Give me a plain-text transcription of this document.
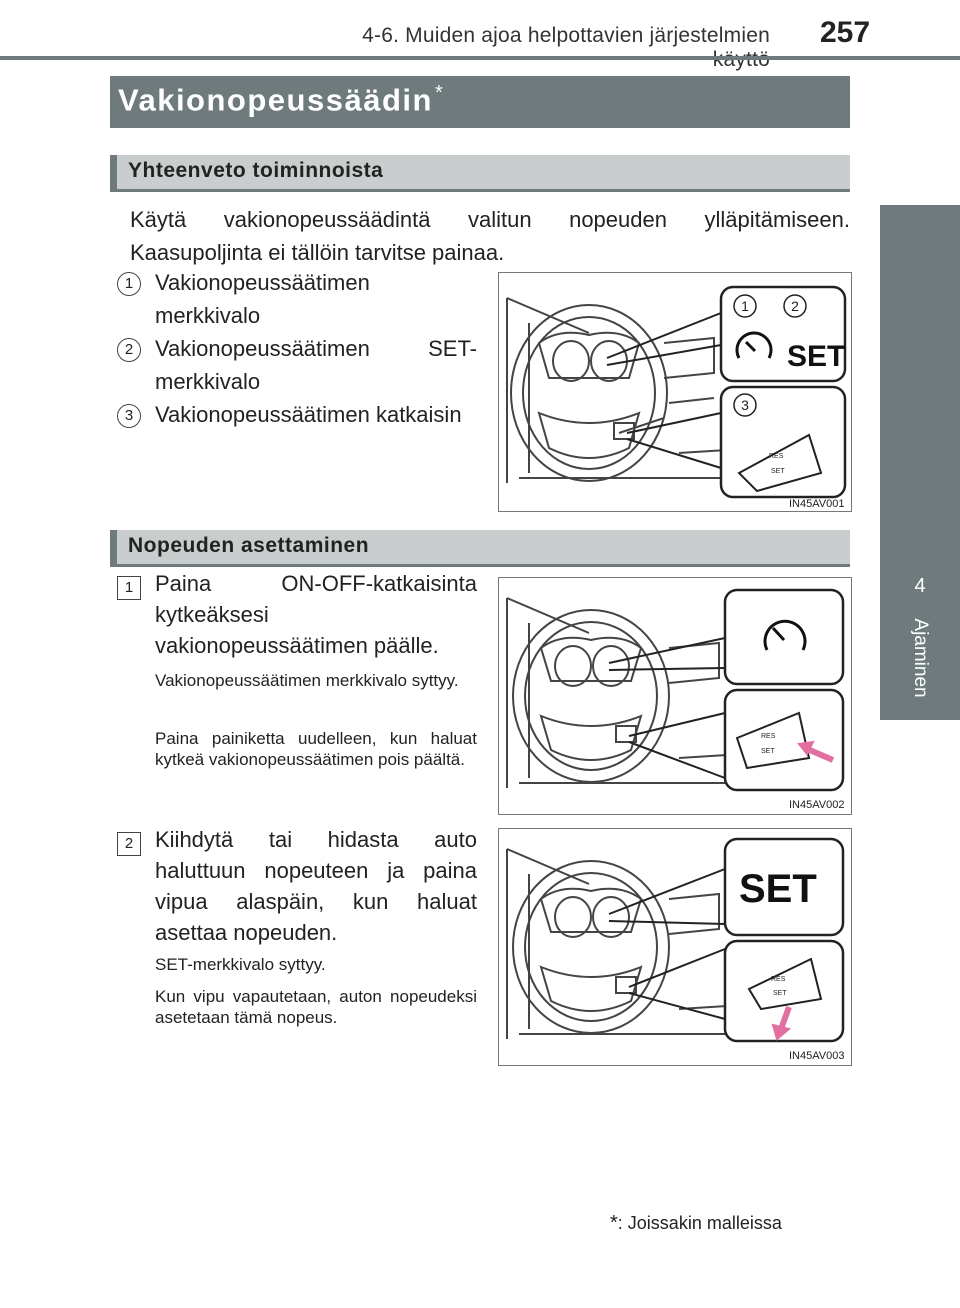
4-6. Muiden ajoa helpottavien järjestelmien 257
4
Ajaminen
Vakionopeussäädin *
Yhteenveto toiminnoista
Käytä vakionopeussäädintä valitun nopeuden ylläpitämiseen. Kaasupoljinta ei tällöin tarvitse painaa.
1 Vakionopeussäätimen merkkivalo
2 Vakionopeussäätimen SET-merkkivalo
3 Vakionopeussäätimen katkaisin
SET
1	2
3
RES
SET
IN45AV001
Nopeuden asettaminen
1 Paina ON-OFF-katkaisinta kytkeäksesi vakionopeussäätimen päälle.
Vakionopeussäätimen merkkivalo syttyy.
Paina painiketta uudelleen, kun haluat kytkeä vakionopeussäätimen pois päältä.
RES
SET
IN45AV002
2 Kiihdytä tai hidasta auto haluttuun nopeuteen ja paina vipua alaspäin, kun haluat asettaa nopeuden.
SET-merkkivalo syttyy.
Kun vipu vapautetaan, auton nopeudeksi asetetaan tämä nopeus.
SET
RES
SET
IN45AV003
*: Joissakin malleissa
